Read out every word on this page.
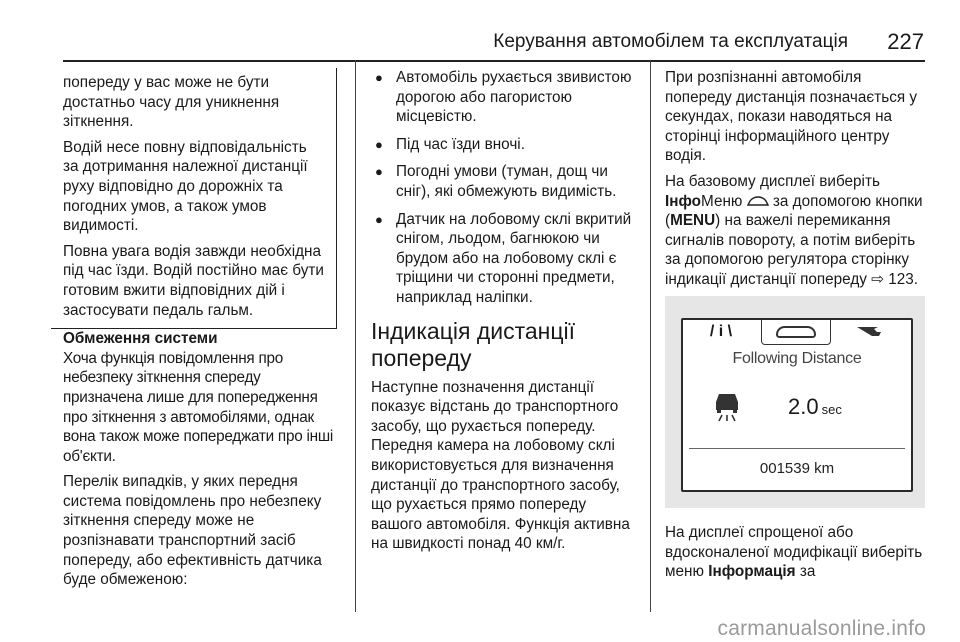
Керування автомобілем та експлуатація 227

попереду у вас може не бути достатньо часу для уникнення зіткнення.

Водій несе повну відповідальність за дотримання належної дистанції руху відповідно до дорожніх та погодних умов, а також умов видимості.

Повна увага водія завжди необхідна під час їзди. Водій постійно має бути готовим вжити відповідних дій і застосувати педаль гальм.

Обмеження системи

Хоча функція повідомлення про небезпеку зіткнення спереду призначена лише для попередження про зіткнення з автомобілями, однак вона також може попереджати про інші об'єкти.

Перелік випадків, у яких передня система повідомлень про небезпеку зіткнення спереду може не розпізнавати транспортний засіб попереду, або ефективність датчика буде обмеженою:

● Автомобіль рухається звивистою дорогою або пагористою місцевістю.
● Під час їзди вночі.
● Погодні умови (туман, дощ чи сніг), які обмежують видимість.
● Датчик на лобовому склі вкритий снігом, льодом, багнюкою чи брудом або на лобовому склі є тріщини чи сторонні предмети, наприклад наліпки.
Індикація дистанції попереду

Наступне позначення дистанції показує відстань до транспортного засобу, що рухається попереду. Передня камера на лобовому склі використовується для визначення дистанції до транспортного засобу, що рухається прямо попереду вашого автомобіля. Функція активна на швидкості понад 40 км/г.

При розпізнанні автомобіля попереду дистанція позначається у секундах, покази наводяться на сторінці інформаційного центру водія.

На базовому дисплеї виберіть ІнфоМеню  за допомогою кнопки (MENU) на важелі перемикання сигналів повороту, а потім виберіть за допомогою регулятора сторінку індикації дистанції попереду ⇨ 123.

/ i \
Following Distance
2.0 sec
001539 km

На дисплеї спрощеної або вдосконаленої модифікації виберіть меню Інформація за

carmanualsonline.info
